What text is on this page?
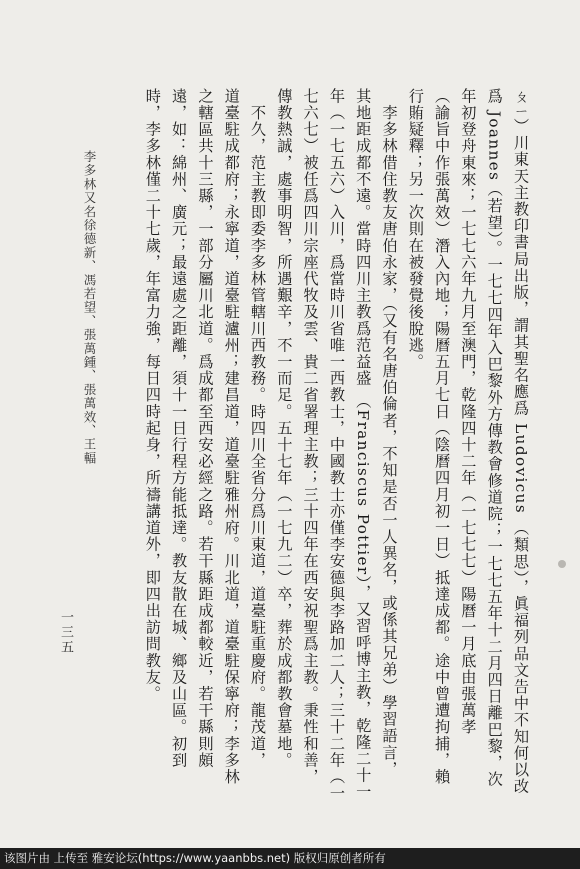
ㄆㄧ）川東天主教印書局出版，謂其聖名應爲 Ludovicus （類思），眞福列品文告中不知何以改
爲 Joannes（若望）。一七七四年入巴黎外方傳教會修道院；一七七五年十二月四日離巴黎，次
年初登舟東來；一七七六年九月至澳門，乾隆四十二年（一七七七）陽曆一月底由張萬孝
（諭旨中作張萬效）潛入內地；陽曆五月七日（陰曆四月初一日）抵達成都。途中曾遭拘捕，賴
行賄疑釋；另一次則在被發覺後脫逃。
　李多林借住教友唐伯永家，（又有名唐伯倫者，不知是否一人異名，或係其兄弟）學習語言，
其地距成都不遠。當時四川主教爲范益盛 （Franciscus Pottier），又習呼博主教，乾隆二十一
年（一七五六）入川，爲當時川省唯一西教士，中國教士亦僅李安德與李路加二人；三十二年（一
七六七）被任爲四川宗座代牧及雲、貴二省署理主教；三十四年在西安祝聖爲主教。秉性和善，
傳教熱誠，處事明智，所遇艱辛，不一而足。五十七年（一七九二）卒，葬於成都教會墓地。
　不久，范主教即委李多林管轄川西教務。時四川全省分爲川東道，道臺駐重慶府。龍茂道，
道臺駐成都府；永寧道，道臺駐瀘州；建昌道，道臺駐雅州府。川北道，道臺駐保寧府；李多林
之轄區共十三縣，一部分屬川北道。爲成都至西安必經之路。若干縣距成都較近，若干縣則頗
遠，如：綿州、廣元；最遠處之距離，須十一日行程方能抵達。教友散在城、鄉及山區。初到
時，李多林僅二十七歲，年富力強，每日四時起身，所禱講道外，即四出訪問教友。
李多林又名徐德新、馮若望、張萬鍾、張萬效、王輻
一三五
该图片由 上传至 雅安论坛(https://www.yaanbbs.net) 版权归原创者所有
